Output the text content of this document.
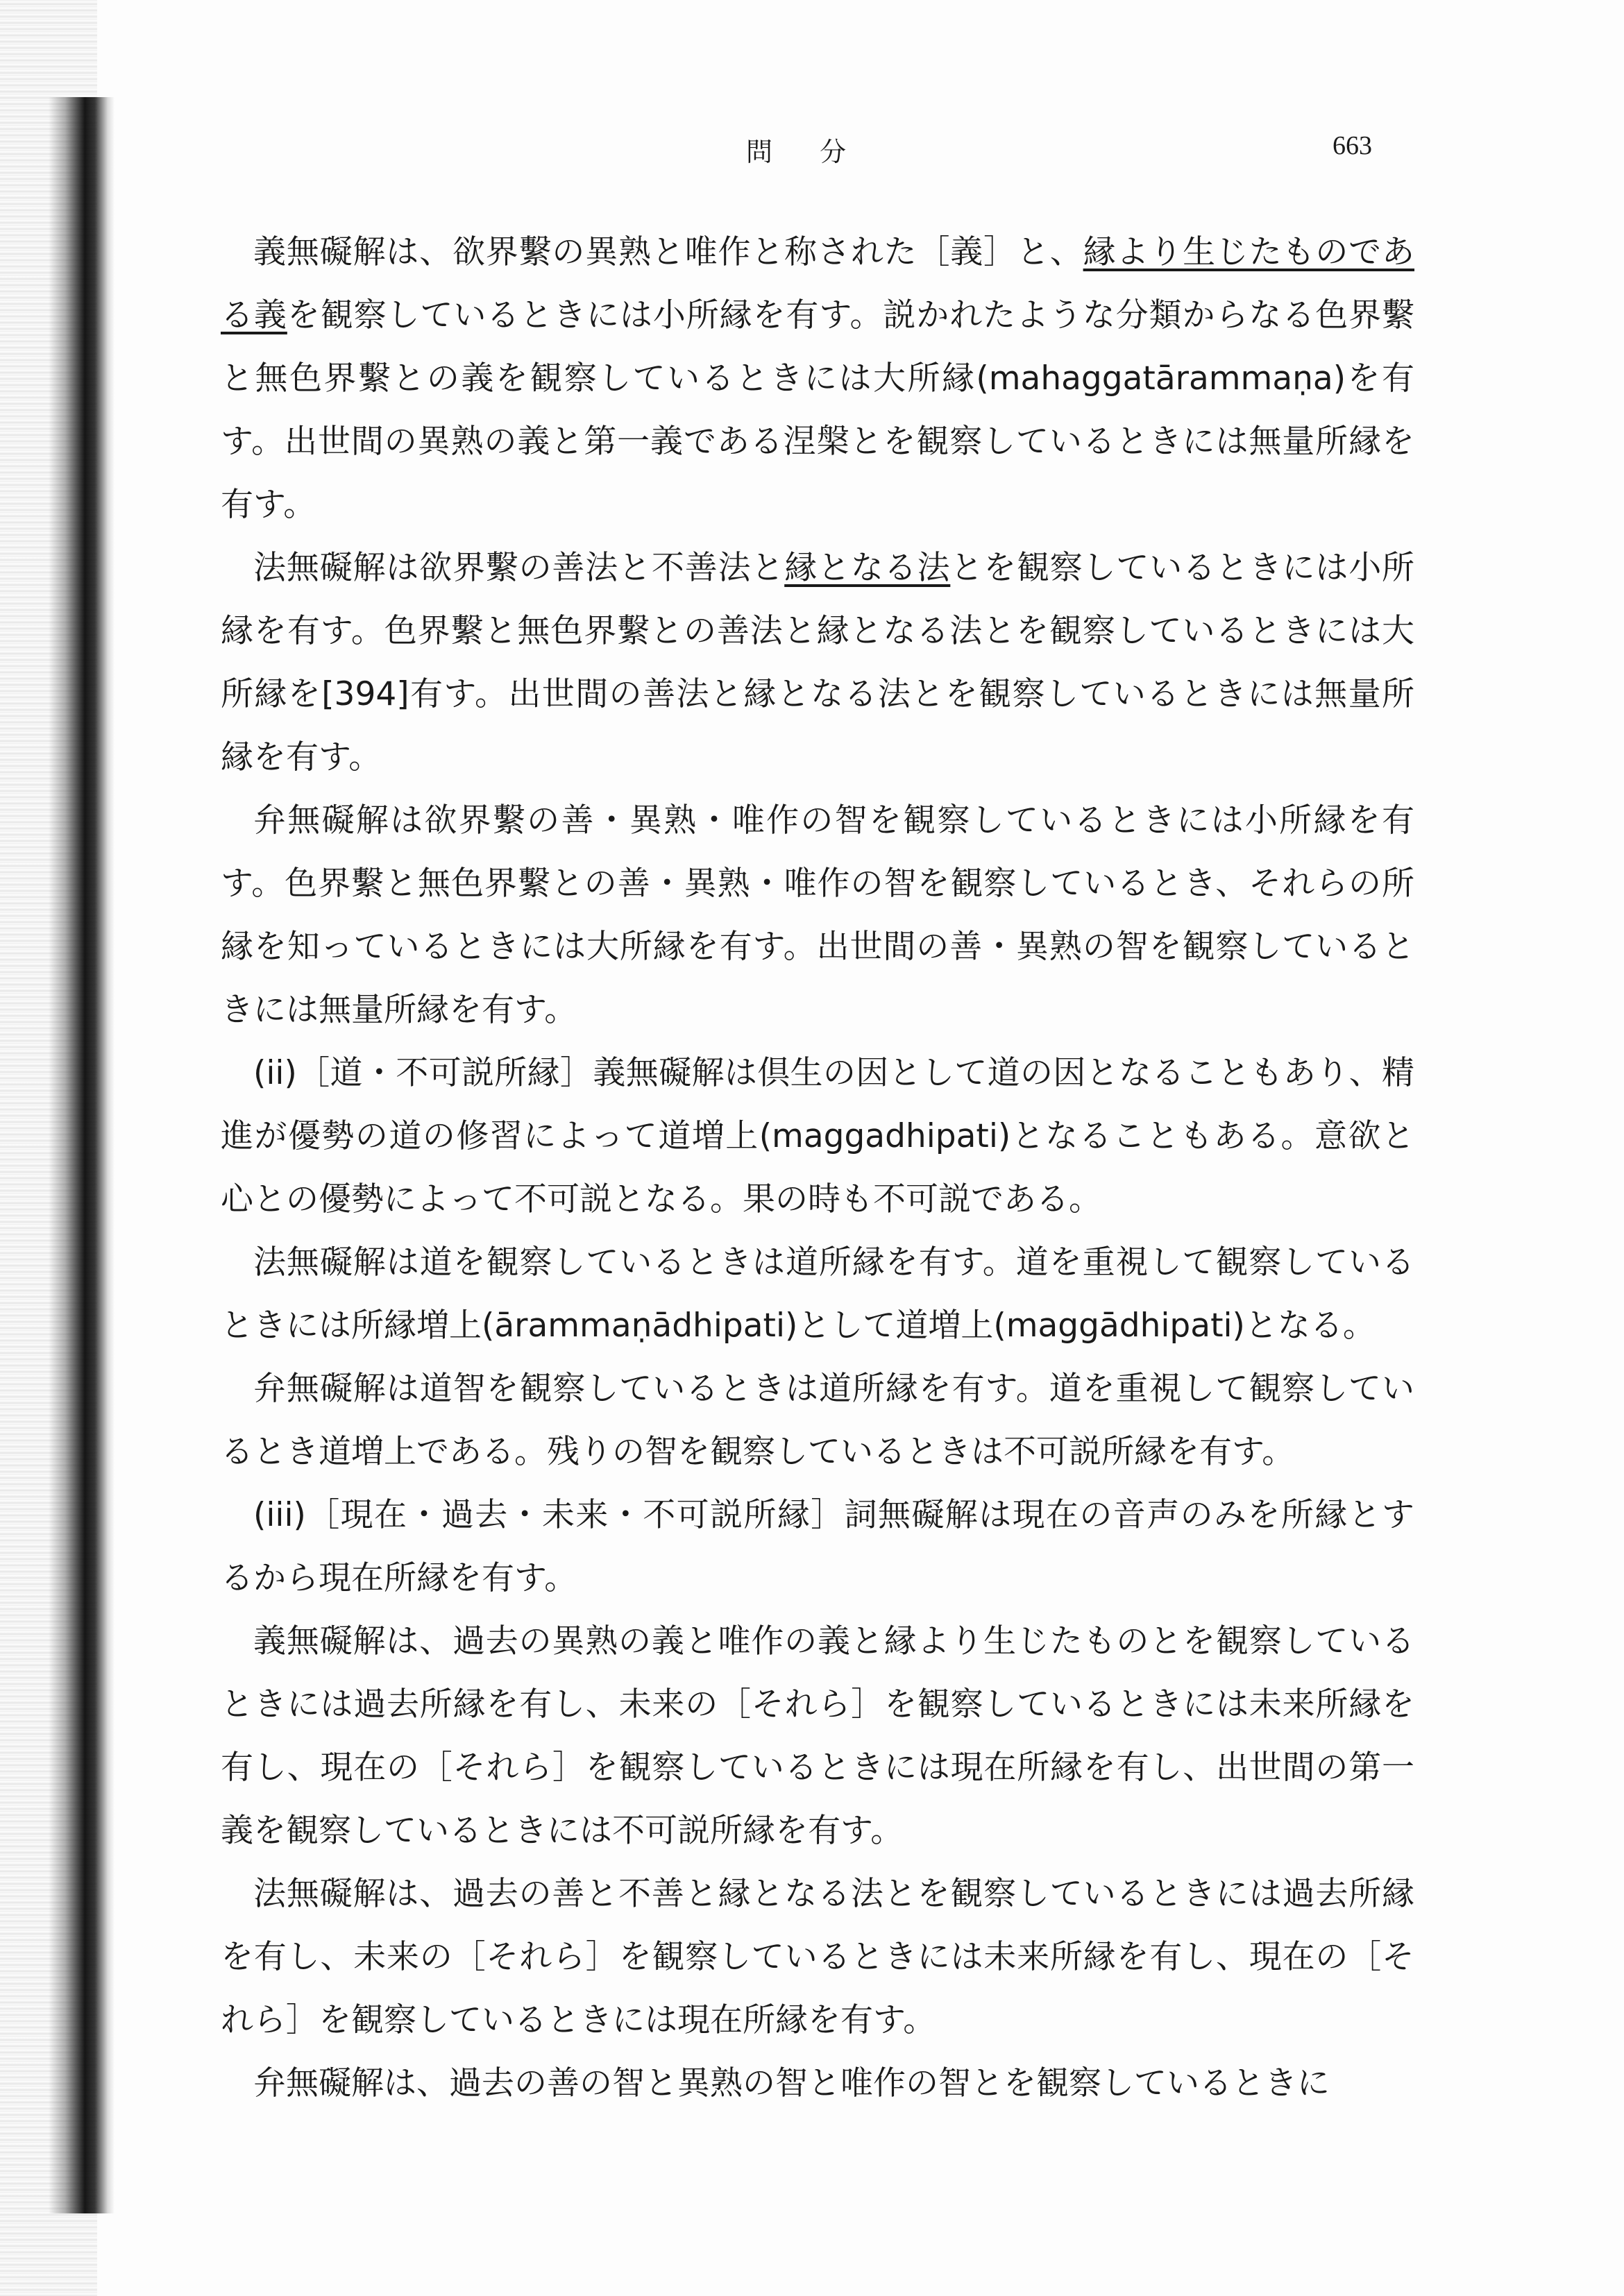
問 分	663

義無礙解は、欲界繫の異熟と唯作と称された［義］と、縁より生じたものである義を観察しているときには小所縁を有す。説かれたような分類からなる色界繫と無色界繫との義を観察しているときには大所縁(mahaggatārammaṇa)を有す。出世間の異熟の義と第一義である涅槃とを観察しているときには無量所縁を有す。

法無礙解は欲界繫の善法と不善法と縁となる法とを観察しているときには小所縁を有す。色界繫と無色界繫との善法と縁となる法とを観察しているときには大所縁を[394]有す。出世間の善法と縁となる法とを観察しているときには無量所縁を有す。

弁無礙解は欲界繫の善・異熟・唯作の智を観察しているときには小所縁を有す。色界繫と無色界繫との善・異熟・唯作の智を観察しているとき、それらの所縁を知っているときには大所縁を有す。出世間の善・異熟の智を観察しているときには無量所縁を有す。

(ii)［道・不可説所縁］義無礙解は倶生の因として道の因となることもあり、精進が優勢の道の修習によって道増上(maggadhipati)となることもある。意欲と心との優勢によって不可説となる。果の時も不可説である。

法無礙解は道を観察しているときは道所縁を有す。道を重視して観察しているときには所縁増上(ārammaṇādhipati)として道増上(maggādhipati)となる。

弁無礙解は道智を観察しているときは道所縁を有す。道を重視して観察しているとき道増上である。残りの智を観察しているときは不可説所縁を有す。

(iii)［現在・過去・未来・不可説所縁］詞無礙解は現在の音声のみを所縁とするから現在所縁を有す。

義無礙解は、過去の異熟の義と唯作の義と縁より生じたものとを観察しているときには過去所縁を有し、未来の［それら］を観察しているときには未来所縁を有し、現在の［それら］を観察しているときには現在所縁を有し、出世間の第一義を観察しているときには不可説所縁を有す。

法無礙解は、過去の善と不善と縁となる法とを観察しているときには過去所縁を有し、未来の［それら］を観察しているときには未来所縁を有し、現在の［それら］を観察しているときには現在所縁を有す。

弁無礙解は、過去の善の智と異熟の智と唯作の智とを観察しているときに
